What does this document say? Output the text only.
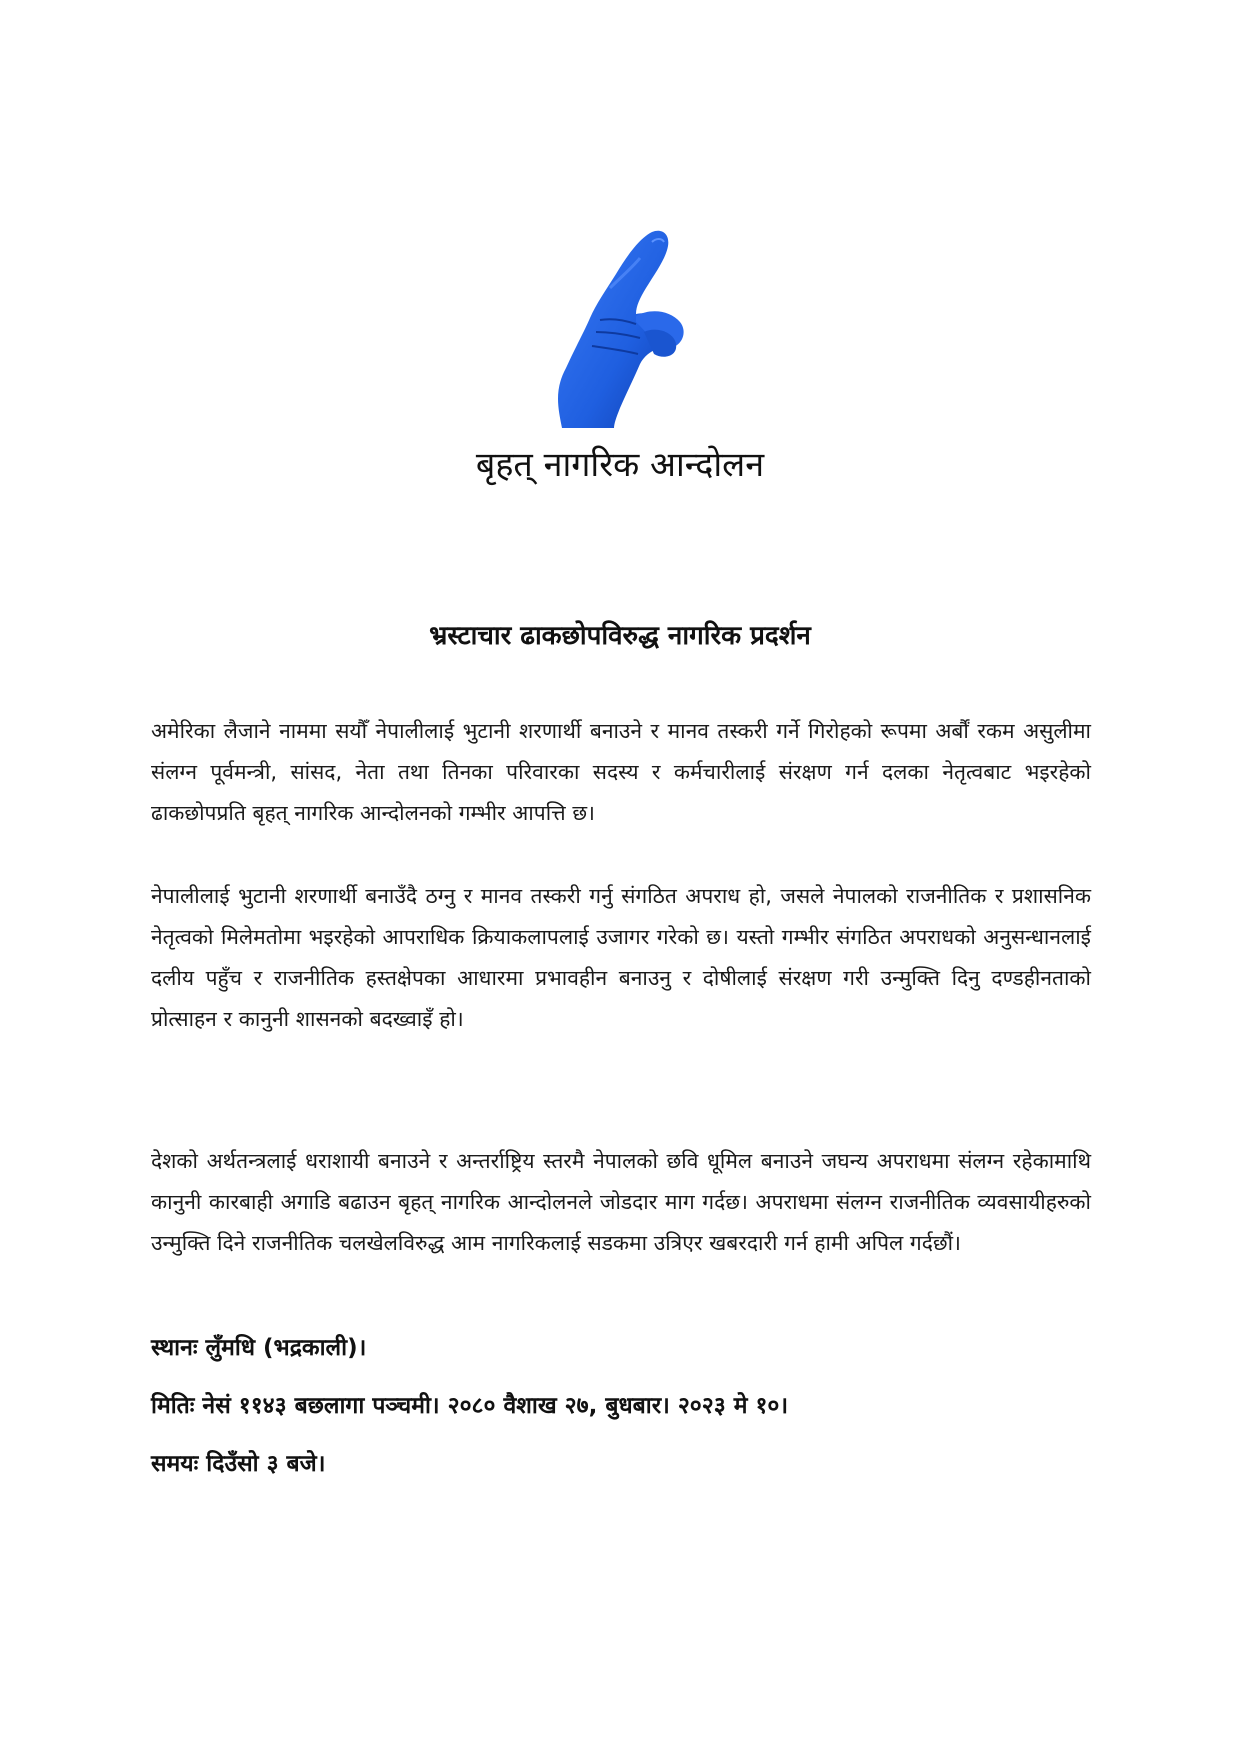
बृहत् नागरिक आन्दोलन
भ्रस्टाचार ढाकछोपविरुद्ध नागरिक प्रदर्शन

अमेरिका लैजाने नाममा सयौँ नेपालीलाई भुटानी शरणार्थी बनाउने र मानव तस्करी गर्ने गिरोहको रूपमा अर्बौं रकम असुलीमा संलग्न पूर्वमन्त्री, सांसद, नेता तथा तिनका परिवारका सदस्य र कर्मचारीलाई संरक्षण गर्न दलका नेतृत्वबाट भइरहेको ढाकछोपप्रति बृहत् नागरिक आन्दोलनको गम्भीर आपत्ति छ।

नेपालीलाई भुटानी शरणार्थी बनाउँदै ठग्नु र मानव तस्करी गर्नु संगठित अपराध हो, जसले नेपालको राजनीतिक र प्रशासनिक नेतृत्वको मिलेमतोमा भइरहेको आपराधिक क्रियाकलापलाई उजागर गरेको छ। यस्तो गम्भीर संगठित अपराधको अनुसन्धानलाई दलीय पहुँच र राजनीतिक हस्तक्षेपका आधारमा प्रभावहीन बनाउनु र दोषीलाई संरक्षण गरी उन्मुक्ति दिनु दण्डहीनताको प्रोत्साहन र कानुनी शासनको बदख्वाइँ हो।

देशको अर्थतन्त्रलाई धराशायी बनाउने र अन्तर्राष्ट्रिय स्तरमै नेपालको छवि धूमिल बनाउने जघन्य अपराधमा संलग्न रहेकामाथि कानुनी कारबाही अगाडि बढाउन बृहत् नागरिक आन्दोलनले जोडदार माग गर्दछ। अपराधमा संलग्न राजनीतिक व्यवसायीहरुको उन्मुक्ति दिने राजनीतिक चलखेलविरुद्ध आम नागरिकलाई सडकमा उत्रिएर खबरदारी गर्न हामी अपिल गर्दछौं।

स्थानः लुँमधि (भद्रकाली)।
मितिः नेसं ११४३ बछलागा पञ्चमी। २०८० वैशाख २७, बुधबार। २०२३ मे १०।
समयः दिउँसो ३ बजे।
